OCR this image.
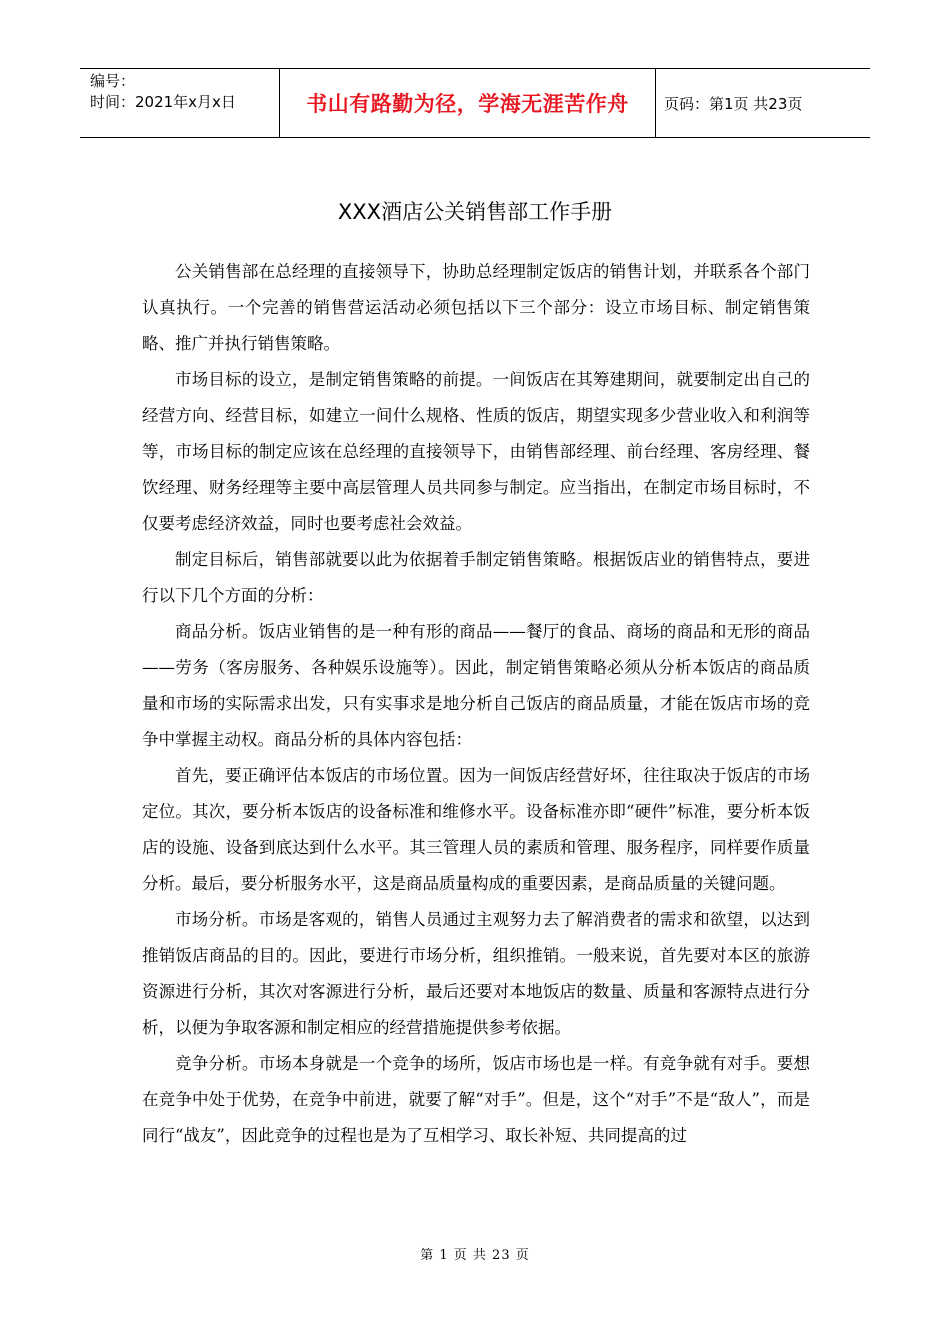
编号：
时间：2021年x月x日	书山有路勤为径，学海无涯苦作舟 页码：第1页 共23页
XXX酒店公关销售部工作手册

公关销售部在总经理的直接领导下，协助总经理制定饭店的销售计划，并联系各个部门认真执行。一个完善的销售营运活动必须包括以下三个部分：设立市场目标、制定销售策略、推广并执行销售策略。

市场目标的设立，是制定销售策略的前提。一间饭店在其筹建期间，就要制定出自己的经营方向、经营目标，如建立一间什么规格、性质的饭店，期望实现多少营业收入和利润等等，市场目标的制定应该在总经理的直接领导下，由销售部经理、前台经理、客房经理、餐饮经理、财务经理等主要中高层管理人员共同参与制定。应当指出，在制定市场目标时，不仅要考虑经济效益，同时也要考虑社会效益。

制定目标后，销售部就要以此为依据着手制定销售策略。根据饭店业的销售特点，要进行以下几个方面的分析：

商品分析。饭店业销售的是一种有形的商品——餐厅的食品、商场的商品和无形的商品——劳务（客房服务、各种娱乐设施等）。因此，制定销售策略必须从分析本饭店的商品质量和市场的实际需求出发，只有实事求是地分析自己饭店的商品质量，才能在饭店市场的竞争中掌握主动权。商品分析的具体内容包括：

首先，要正确评估本饭店的市场位置。因为一间饭店经营好坏，往往取决于饭店的市场定位。其次，要分析本饭店的设备标准和维修水平。设备标准亦即“硬件”标准，要分析本饭店的设施、设备到底达到什么水平。其三管理人员的素质和管理、服务程序，同样要作质量分析。最后，要分析服务水平，这是商品质量构成的重要因素，是商品质量的关键问题。

市场分析。市场是客观的，销售人员通过主观努力去了解消费者的需求和欲望，以达到推销饭店商品的目的。因此，要进行市场分析，组织推销。一般来说，首先要对本区的旅游资源进行分析，其次对客源进行分析，最后还要对本地饭店的数量、质量和客源特点进行分析，以便为争取客源和制定相应的经营措施提供参考依据。

竞争分析。市场本身就是一个竞争的场所，饭店市场也是一样。有竞争就有对手。要想在竞争中处于优势，在竞争中前进，就要了解“对手”。但是，这个“对手”不是“敌人”，而是同行“战友”，因此竞争的过程也是为了互相学习、取长补短、共同提高的过

第 1 页 共 23 页
